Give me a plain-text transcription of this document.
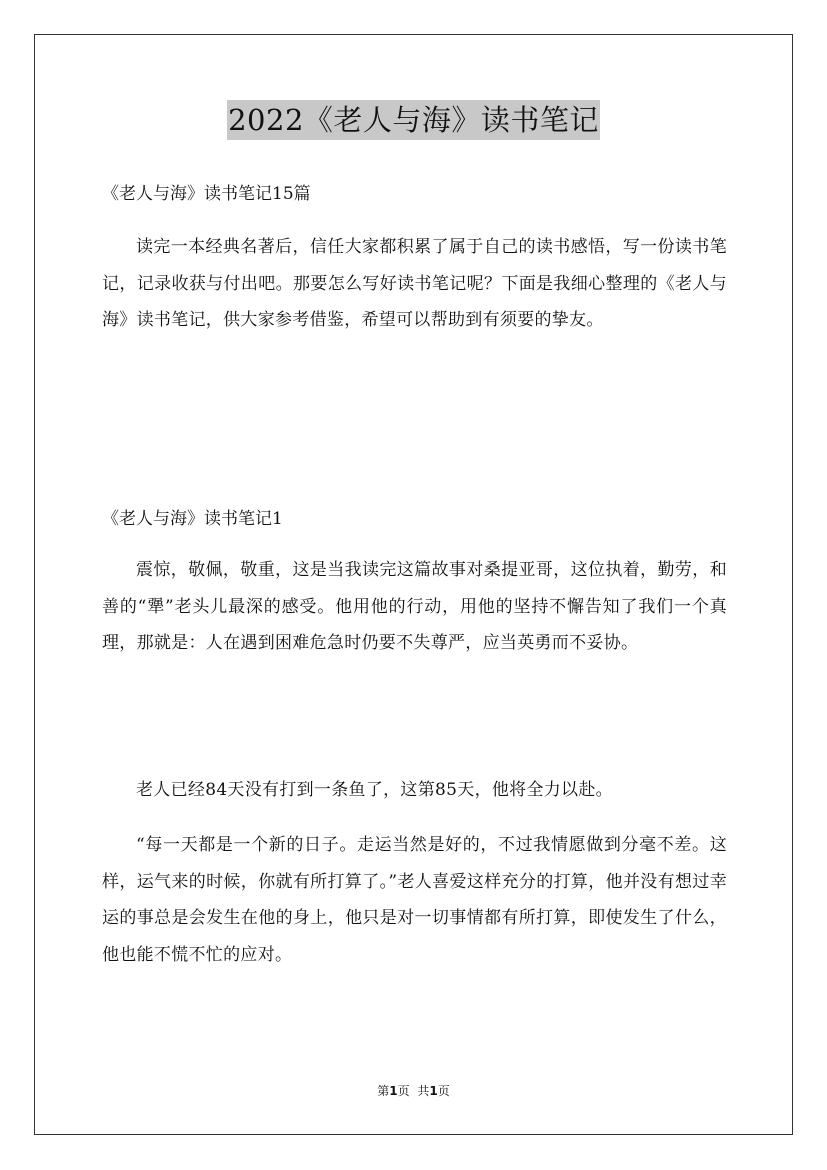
2022《老人与海》读书笔记
《老人与海》读书笔记15篇

读完一本经典名著后，信任大家都积累了属于自己的读书感悟，写一份读书笔记，记录收获与付出吧。那要怎么写好读书笔记呢？下面是我细心整理的《老人与海》读书笔记，供大家参考借鉴，希望可以帮助到有须要的挚友。

《老人与海》读书笔记1

震惊，敬佩，敬重，这是当我读完这篇故事对桑提亚哥，这位执着，勤劳，和善的“犟”老头儿最深的感受。他用他的行动，用他的坚持不懈告知了我们一个真理，那就是：人在遇到困难危急时仍要不失尊严，应当英勇而不妥协。

老人已经84天没有打到一条鱼了，这第85天，他将全力以赴。

“每一天都是一个新的日子。走运当然是好的，不过我情愿做到分毫不差。这样，运气来的时候，你就有所打算了。”老人喜爱这样充分的打算，他并没有想过幸运的事总是会发生在他的身上，他只是对一切事情都有所打算，即使发生了什么，他也能不慌不忙的应对。

第1页 共1页
